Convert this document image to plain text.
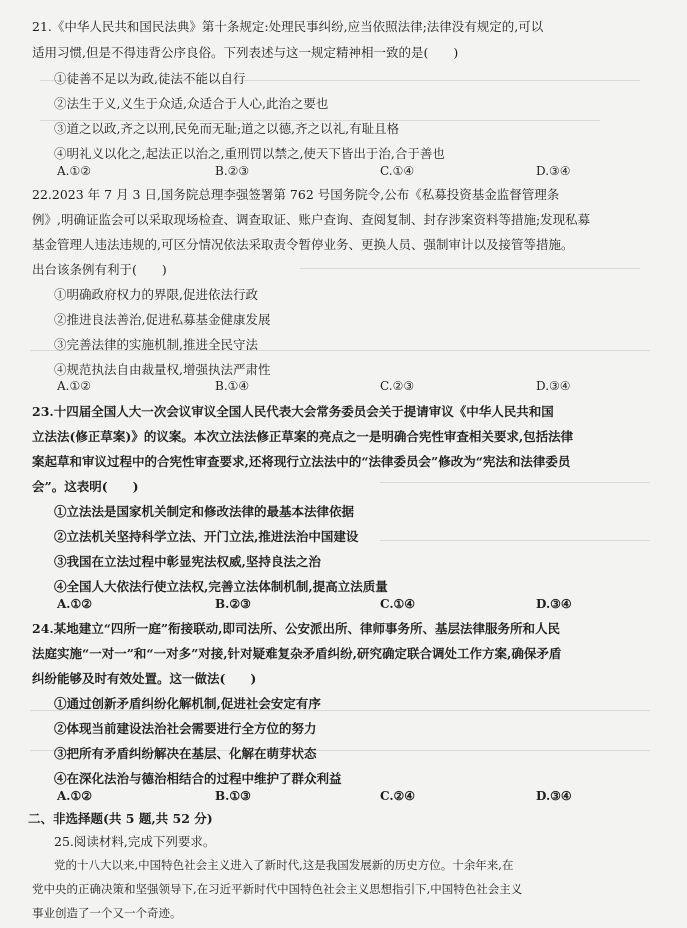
21.《中华人民共和国民法典》第十条规定:处理民事纠纷,应当依照法律;法律没有规定的,可以
适用习惯,但是不得违背公序良俗。下列表述与这一规定精神相一致的是(　　)
①徒善不足以为政,徒法不能以自行
②法生于义,义生于众适,众适合于人心,此治之要也
③道之以政,齐之以刑,民免而无耻;道之以德,齐之以礼,有耻且格
④明礼义以化之,起法正以治之,重刑罚以禁之,使天下皆出于治,合于善也
A.①②	B.②③	C.①④	D.③④
22.2023 年 7 月 3 日,国务院总理李强签署第 762 号国务院令,公布《私募投资基金监督管理条
例》,明确证监会可以采取现场检查、调查取证、账户查询、查阅复制、封存涉案资料等措施;发现私募
基金管理人违法违规的,可区分情况依法采取责令暂停业务、更换人员、强制审计以及接管等措施。
出台该条例有利于(　　)
①明确政府权力的界限,促进依法行政
②推进良法善治,促进私募基金健康发展
③完善法律的实施机制,推进全民守法
④规范执法自由裁量权,增强执法严肃性
A.①②	B.①④	C.②③	D.③④
23.十四届全国人大一次会议审议全国人民代表大会常务委员会关于提请审议《中华人民共和国
立法法(修正草案)》的议案。本次立法法修正草案的亮点之一是明确合宪性审查相关要求,包括法律
案起草和审议过程中的合宪性审查要求,还将现行立法法中的“法律委员会”修改为“宪法和法律委员
会”。这表明(　　)
①立法法是国家机关制定和修改法律的最基本法律依据
②立法机关坚持科学立法、开门立法,推进法治中国建设
③我国在立法过程中彰显宪法权威,坚持良法之治
④全国人大依法行使立法权,完善立法体制机制,提高立法质量
A.①②	B.②③	C.①④	D.③④
24.某地建立“四所一庭”衔接联动,即司法所、公安派出所、律师事务所、基层法律服务所和人民
法庭实施“一对一”和“一对多”对接,针对疑难复杂矛盾纠纷,研究确定联合调处工作方案,确保矛盾
纠纷能够及时有效处置。这一做法(　　)
①通过创新矛盾纠纷化解机制,促进社会安定有序
②体现当前建设法治社会需要进行全方位的努力
③把所有矛盾纠纷解决在基层、化解在萌芽状态
④在深化法治与德治相结合的过程中维护了群众利益
A.①②	B.①③	C.②④	D.③④
二、非选择题(共 5 题,共 52 分)
25.阅读材料,完成下列要求。
党的十八大以来,中国特色社会主义进入了新时代,这是我国发展新的历史方位。十余年来,在
党中央的正确决策和坚强领导下,在习近平新时代中国特色社会主义思想指引下,中国特色社会主义
事业创造了一个又一个奇迹。
